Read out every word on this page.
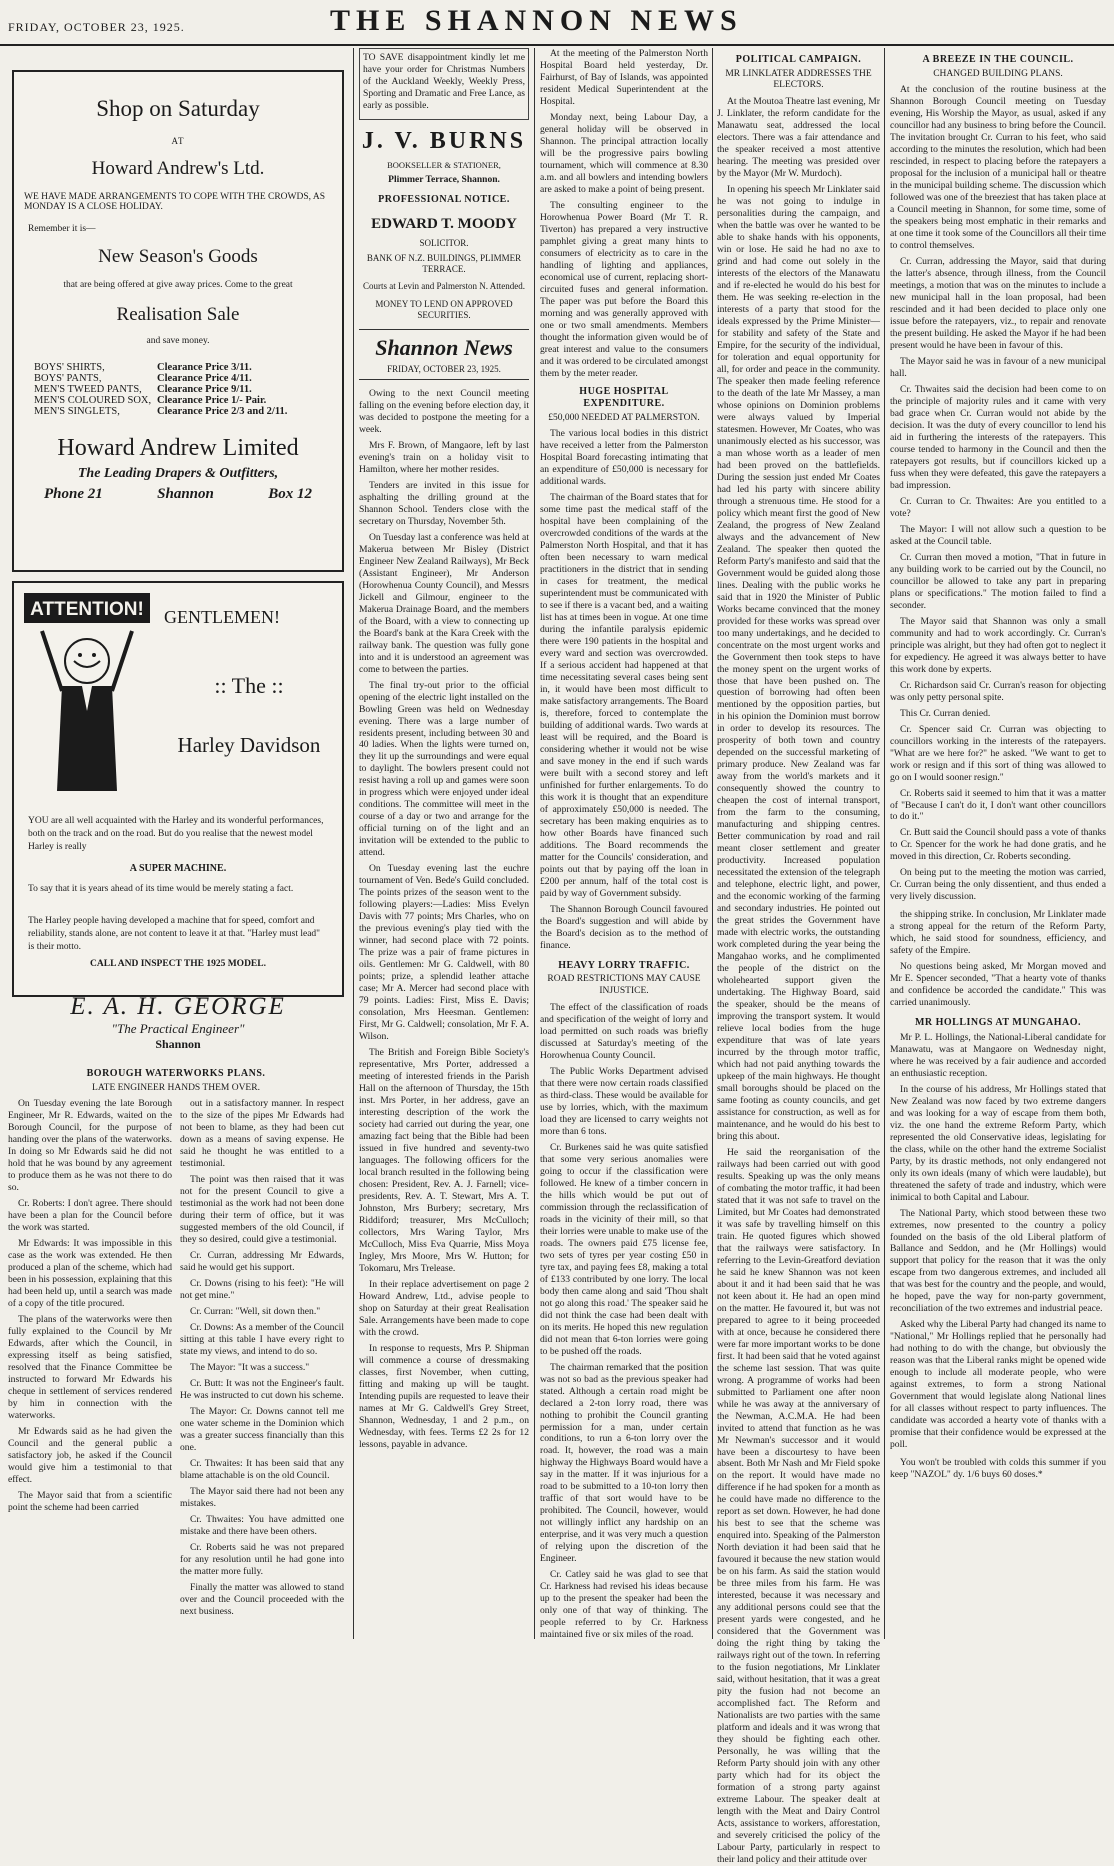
FRIDAY, OCTOBER 23, 1925.	THE SHANNON NEWS
Shop on Saturday
AT
Howard Andrew's Ltd.
WE HAVE MADE ARRANGEMENTS TO COPE WITH THE CROWDS, AS MONDAY IS A CLOSE HOLIDAY.
Remember it is—
New Season's Goods
that are being offered at give away prices. Come to the great
Realisation Sale
and save money.
BOYS' SHIRTS,	Clearance Price 3/11.
BOYS' PANTS,	Clearance Price 4/11.
MEN'S TWEED PANTS,	Clearance Price 9/11.
MEN'S COLOURED SOX,	Clearance Price 1/- Pair.
MEN'S SINGLETS,	Clearance Price 2/3 and 2/11.
Howard Andrew Limited
The Leading Drapers & Outfitters,
Phone 21	Shannon	Box 12
ATTENTION! GENTLEMEN!
:: The ::
Harley Davidson
YOU are all well acquainted with the Harley and its wonderful performances, both on the track and on the road. But do you realise that the newest model Harley is really
A SUPER MACHINE.
To say that it is years ahead of its time would be merely stating a fact.
The Harley people having developed a machine that for speed, comfort and reliability, stands alone, are not content to leave it at that. "Harley must lead" is their motto.
CALL AND INSPECT THE 1925 MODEL.
E. A. H. GEORGE
"The Practical Engineer"
Shannon
BOROUGH WATERWORKS PLANS.
LATE ENGINEER HANDS THEM OVER.

On Tuesday evening the late Borough Engineer, Mr R. Edwards, waited on the Borough Council, for the purpose of handing over the plans of the waterworks. In doing so Mr Edwards said he did not hold that he was bound by any agreement to produce them as he was not there to do so.

Cr. Roberts: I don't agree. There should have been a plan for the Council before the work was started.

Mr Edwards: It was impossible in this case as the work was extended. He then produced a plan of the scheme, which had been in his possession, explaining that this had been held up, until a search was made of a copy of the title procured.

The plans of the waterworks were then fully explained to the Council by Mr Edwards, after which the Council, in expressing itself as being satisfied, resolved that the Finance Committee be instructed to forward Mr Edwards his cheque in settlement of services rendered by him in connection with the waterworks.

Mr Edwards said as he had given the Council and the general public a satisfactory job, he asked if the Council would give him a testimonial to that effect.

The Mayor said that from a scientific point the scheme had been carried

out in a satisfactory manner. In respect to the size of the pipes Mr Edwards had not been to blame, as they had been cut down as a means of saving expense. He said he thought he was entitled to a testimonial.

The point was then raised that it was not for the present Council to give a testimonial as the work had not been done during their term of office, but it was suggested members of the old Council, if they so desired, could give a testimonial.

Cr. Curran, addressing Mr Edwards, said he would get his support.

Cr. Downs (rising to his feet): "He will not get mine."

Cr. Curran: "Well, sit down then."

Cr. Downs: As a member of the Council sitting at this table I have every right to state my views, and intend to do so.

The Mayor: "It was a success."

Cr. Butt: It was not the Engineer's fault. He was instructed to cut down his scheme.

The Mayor: Cr. Downs cannot tell me one water scheme in the Dominion which was a greater success financially than this one.

Cr. Thwaites: It has been said that any blame attachable is on the old Council.

The Mayor said there had not been any mistakes.

Cr. Thwaites: You have admitted one mistake and there have been others.

Cr. Roberts said he was not prepared for any resolution until he had gone into the matter more fully.

Finally the matter was allowed to stand over and the Council proceeded with the next business.

TO SAVE disappointment kindly let me have your order for Christmas Numbers of the Auckland Weekly, Weekly Press, Sporting and Dramatic and Free Lance, as early as possible.

J. V. BURNS
BOOKSELLER & STATIONER,
Plimmer Terrace, Shannon.
PROFESSIONAL NOTICE.
EDWARD T. MOODY
SOLICITOR.
BANK OF N.Z. BUILDINGS, PLIMMER TERRACE.
Courts at Levin and Palmerston N. Attended.
MONEY TO LEND ON APPROVED SECURITIES.
Shannon News
FRIDAY, OCTOBER 23, 1925.

Owing to the next Council meeting falling on the evening before election day, it was decided to postpone the meeting for a week.

Mrs F. Brown, of Mangaore, left by last evening's train on a holiday visit to Hamilton, where her mother resides.

Tenders are invited in this issue for asphalting the drilling ground at the Shannon School. Tenders close with the secretary on Thursday, November 5th.

On Tuesday last a conference was held at Makerua between Mr Bisley (District Engineer New Zealand Railways), Mr Beck (Assistant Engineer), Mr Anderson (Horowhenua County Council), and Messrs Jickell and Gilmour, engineer to the Makerua Drainage Board, and the members of the Board, with a view to connecting up the Board's bank at the Kara Creek with the railway bank. The question was fully gone into and it is understood an agreement was come to between the parties.

The final try-out prior to the official opening of the electric light installed on the Bowling Green was held on Wednesday evening. There was a large number of residents present, including between 30 and 40 ladies. When the lights were turned on, they lit up the surroundings and were equal to daylight. The bowlers present could not resist having a roll up and games were soon in progress which were enjoyed under ideal conditions. The committee will meet in the course of a day or two and arrange for the official turning on of the light and an invitation will be extended to the public to attend.

On Tuesday evening last the euchre tournament of Ven. Bede's Guild concluded. The points prizes of the season went to the following players:—Ladies: Miss Evelyn Davis with 77 points; Mrs Charles, who on the previous evening's play tied with the winner, had second place with 72 points. The prize was a pair of frame pictures in oils. Gentlemen: Mr G. Caldwell, with 80 points; prize, a splendid leather attache case; Mr A. Mercer had second place with 79 points. Ladies: First, Miss E. Davis; consolation, Mrs Heesman. Gentlemen: First, Mr G. Caldwell; consolation, Mr F. A. Wilson.

The British and Foreign Bible Society's representative, Mrs Porter, addressed a meeting of interested friends in the Parish Hall on the afternoon of Thursday, the 15th inst. Mrs Porter, in her address, gave an interesting description of the work the society had carried out during the year, one amazing fact being that the Bible had been issued in five hundred and seventy-two languages. The following officers for the local branch resulted in the following being chosen: President, Rev. A. J. Farnell; vice-presidents, Rev. A. T. Stewart, Mrs A. T. Johnston, Mrs Burbery; secretary, Mrs Riddiford; treasurer, Mrs McCulloch; collectors, Mrs Waring Taylor, Mrs McCulloch, Miss Eva Quarrie, Miss Moya Ingley, Mrs Moore, Mrs W. Hutton; for Tokomaru, Mrs Trelease.

In their replace advertisement on page 2 Howard Andrew, Ltd., advise people to shop on Saturday at their great Realisation Sale. Arrangements have been made to cope with the crowd.

In response to requests, Mrs P. Shipman will commence a course of dressmaking classes, first November, when cutting, fitting and making up will be taught. Intending pupils are requested to leave their names at Mr G. Caldwell's Grey Street, Shannon, Wednesday, 1 and 2 p.m., on Wednesday, with fees. Terms £2 2s for 12 lessons, payable in advance.

At the meeting of the Palmerston North Hospital Board held yesterday, Dr. Fairhurst, of Bay of Islands, was appointed resident Medical Superintendent at the Hospital.

Monday next, being Labour Day, a general holiday will be observed in Shannon. The principal attraction locally will be the progressive pairs bowling tournament, which will commence at 8.30 a.m. and all bowlers and intending bowlers are asked to make a point of being present.

The consulting engineer to the Horowhenua Power Board (Mr T. R. Tiverton) has prepared a very instructive pamphlet giving a great many hints to consumers of electricity as to care in the handling of lighting and appliances, economical use of current, replacing short-circuited fuses and general information. The paper was put before the Board this morning and was generally approved with one or two small amendments. Members thought the information given would be of great interest and value to the consumers and it was ordered to be circulated amongst them by the meter reader.

HUGE HOSPITAL EXPENDITURE.
£50,000 NEEDED AT PALMERSTON.

The various local bodies in this district have received a letter from the Palmerston Hospital Board forecasting intimating that an expenditure of £50,000 is necessary for additional wards.

The chairman of the Board states that for some time past the medical staff of the hospital have been complaining of the overcrowded conditions of the wards at the Palmerston North Hospital, and that it has often been necessary to warn medical practitioners in the district that in sending in cases for treatment, the medical superintendent must be communicated with to see if there is a vacant bed, and a waiting list has at times been in vogue. At one time during the infantile paralysis epidemic there were 190 patients in the hospital and every ward and section was overcrowded. If a serious accident had happened at that time necessitating several cases being sent in, it would have been most difficult to make satisfactory arrangements. The Board is, therefore, forced to contemplate the building of additional wards. Two wards at least will be required, and the Board is considering whether it would not be wise and save money in the end if such wards were built with a second storey and left unfinished for further enlargements. To do this work it is thought that an expenditure of approximately £50,000 is needed. The secretary has been making enquiries as to how other Boards have financed such additions. The Board recommends the matter for the Councils' consideration, and points out that by paying off the loan in £200 per annum, half of the total cost is paid by way of Government subsidy.

The Shannon Borough Council favoured the Board's suggestion and will abide by the Board's decision as to the method of finance.

HEAVY LORRY TRAFFIC.
ROAD RESTRICTIONS MAY CAUSE INJUSTICE.

The effect of the classification of roads and specification of the weight of lorry and load permitted on such roads was briefly discussed at Saturday's meeting of the Horowhenua County Council.

The Public Works Department advised that there were now certain roads classified as third-class. These would be available for use by lorries, which, with the maximum load they are licensed to carry weights not more than 6 tons.

Cr. Burkenes said he was quite satisfied that some very serious anomalies were going to occur if the classification were followed. He knew of a timber concern in the hills which would be put out of commission through the reclassification of roads in the vicinity of their mill, so that their lorries were unable to make use of the roads. The owners paid £75 license fee, two sets of tyres per year costing £50 in tyre tax, and paying fees £8, making a total of £133 contributed by one lorry. The local body then came along and said 'Thou shalt not go along this road.' The speaker said he did not think the case had been dealt with on its merits. He hoped this new regulation did not mean that 6-ton lorries were going to be pushed off the roads.

The chairman remarked that the position was not so bad as the previous speaker had stated. Although a certain road might be declared a 2-ton lorry road, there was nothing to prohibit the Council granting permission for a man, under certain conditions, to run a 6-ton lorry over the road. It, however, the road was a main highway the Highways Board would have a say in the matter. If it was injurious for a road to be submitted to a 10-ton lorry then traffic of that sort would have to be prohibited. The Council, however, would not willingly inflict any hardship on an enterprise, and it was very much a question of relying upon the discretion of the Engineer.

Cr. Catley said he was glad to see that Cr. Harkness had revised his ideas because up to the present the speaker had been the only one of that way of thinking. The people referred to by Cr. Harkness maintained five or six miles of the road.

POLITICAL CAMPAIGN.
MR LINKLATER ADDRESSES THE ELECTORS.

At the Moutoa Theatre last evening, Mr J. Linklater, the reform candidate for the Manawatu seat, addressed the local electors. There was a fair attendance and the speaker received a most attentive hearing. The meeting was presided over by the Mayor (Mr W. Murdoch).

In opening his speech Mr Linklater said he was not going to indulge in personalities during the campaign, and when the battle was over he wanted to be able to shake hands with his opponents, win or lose. He said he had no axe to grind and had come out solely in the interests of the electors of the Manawatu and if re-elected he would do his best for them. He was seeking re-election in the interests of a party that stood for the ideals expressed by the Prime Minister—for stability and safety of the State and Empire, for the security of the individual, for toleration and equal opportunity for all, for order and peace in the community. The speaker then made feeling reference to the death of the late Mr Massey, a man whose opinions on Dominion problems were always valued by Imperial statesmen. However, Mr Coates, who was unanimously elected as his successor, was a man whose worth as a leader of men had been proved on the battlefields. During the session just ended Mr Coates had led his party with sincere ability through a strenuous time. He stood for a policy which meant first the good of New Zealand, the progress of New Zealand always and the advancement of New Zealand. The speaker then quoted the Reform Party's manifesto and said that the Government would be guided along those lines. Dealing with the public works he said that in 1920 the Minister of Public Works became convinced that the money provided for these works was spread over too many undertakings, and he decided to concentrate on the most urgent works and the Government then took steps to have the money spent on the urgent works of those that have been pushed on. The question of borrowing had often been mentioned by the opposition parties, but in his opinion the Dominion must borrow in order to develop its resources. The prosperity of both town and country depended on the successful marketing of primary produce. New Zealand was far away from the world's markets and it consequently showed the country to cheapen the cost of internal transport, from the farm to the consuming, manufacturing and shipping centres. Better communication by road and rail meant closer settlement and greater productivity. Increased population necessitated the extension of the telegraph and telephone, electric light, and power, and the economic working of the farming and secondary industries. He pointed out the great strides the Government have made with electric works, the outstanding work completed during the year being the Mangahao works, and he complimented the people of the district on the wholehearted support given the undertaking. The Highway Board, said the speaker, should be the means of improving the transport system. It would relieve local bodies from the huge expenditure that was of late years incurred by the through motor traffic, which had not paid anything towards the upkeep of the main highways. He thought small boroughs should be placed on the same footing as county councils, and get assistance for construction, as well as for maintenance, and he would do his best to bring this about.

He said the reorganisation of the railways had been carried out with good results. Speaking up was the only means of combating the motor traffic, it had been stated that it was not safe to travel on the Limited, but Mr Coates had demonstrated it was safe by travelling himself on this train. He quoted figures which showed that the railways were satisfactory. In referring to the Levin-Greatford deviation he said he knew Shannon was not keen about it and it had been said that he was not keen about it. He had an open mind on the matter. He favoured it, but was not prepared to agree to it being proceeded with at once, because he considered there were far more important works to be done first. It had been said that he voted against the scheme last session. That was quite wrong. A programme of works had been submitted to Parliament one after noon while he was away at the anniversary of the Newman, A.C.M.A. He had been invited to attend that function as he was Mr Newman's successor and it would have been a discourtesy to have been absent. Both Mr Nash and Mr Field spoke on the report. It would have made no difference if he had spoken for a month as he could have made no difference to the report as set down. However, he had done his best to see that the scheme was enquired into. Speaking of the Palmerston North deviation it had been said that he favoured it because the new station would be on his farm. As said the station would be three miles from his farm. He was interested, because it was necessary and any additional persons could see that the present yards were congested, and he considered that the Government was doing the right thing by taking the railways right out of the town. In referring to the fusion negotiations, Mr Linklater said, without hesitation, that it was a great pity the fusion had not become an accomplished fact. The Reform and Nationalists are two parties with the same platform and ideals and it was wrong that they should be fighting each other. Personally, he was willing that the Reform Party should join with any other party which had for its object the formation of a strong party against extreme Labour. The speaker dealt at length with the Meat and Dairy Control Acts, assistance to workers, afforestation, and severely criticised the policy of the Labour Party, particularly in respect to their land policy and their attitude over

A BREEZE IN THE COUNCIL.
CHANGED BUILDING PLANS.

At the conclusion of the routine business at the Shannon Borough Council meeting on Tuesday evening, His Worship the Mayor, as usual, asked if any councillor had any business to bring before the Council. The invitation brought Cr. Curran to his feet, who said according to the minutes the resolution, which had been rescinded, in respect to placing before the ratepayers a proposal for the inclusion of a municipal hall or theatre in the municipal building scheme. The discussion which followed was one of the breeziest that has taken place at a Council meeting in Shannon, for some time, some of the speakers being most emphatic in their remarks and at one time it took some of the Councillors all their time to control themselves.

Cr. Curran, addressing the Mayor, said that during the latter's absence, through illness, from the Council meetings, a motion that was on the minutes to include a new municipal hall in the loan proposal, had been rescinded and it had been decided to place only one issue before the ratepayers, viz., to repair and renovate the present building. He asked the Mayor if he had been present would he have been in favour of this.

The Mayor said he was in favour of a new municipal hall.

Cr. Thwaites said the decision had been come to on the principle of majority rules and it came with very bad grace when Cr. Curran would not abide by the decision. It was the duty of every councillor to lend his aid in furthering the interests of the ratepayers. This course tended to harmony in the Council and then the ratepayers got results, but if councillors kicked up a fuss when they were defeated, this gave the ratepayers a bad impression.

Cr. Curran to Cr. Thwaites: Are you entitled to a vote?

The Mayor: I will not allow such a question to be asked at the Council table.

Cr. Curran then moved a motion, "That in future in any building work to be carried out by the Council, no councillor be allowed to take any part in preparing plans or specifications." The motion failed to find a seconder.

The Mayor said that Shannon was only a small community and had to work accordingly. Cr. Curran's principle was alright, but they had often got to neglect it for expediency. He agreed it was always better to have this work done by experts.

Cr. Richardson said Cr. Curran's reason for objecting was only petty personal spite.

This Cr. Curran denied.

Cr. Spencer said Cr. Curran was objecting to councillors working in the interests of the ratepayers. "What are we here for?" he asked. "We want to get to work or resign and if this sort of thing was allowed to go on I would sooner resign."

Cr. Roberts said it seemed to him that it was a matter of "Because I can't do it, I don't want other councillors to do it."

Cr. Butt said the Council should pass a vote of thanks to Cr. Spencer for the work he had done gratis, and he moved in this direction, Cr. Roberts seconding.

On being put to the meeting the motion was carried, Cr. Curran being the only dissentient, and thus ended a very lively discussion.

the shipping strike. In conclusion, Mr Linklater made a strong appeal for the return of the Reform Party, which, he said stood for soundness, efficiency, and safety of the Empire.

No questions being asked, Mr Morgan moved and Mr E. Spencer seconded, "That a hearty vote of thanks and confidence be accorded the candidate." This was carried unanimously.

MR HOLLINGS AT MUNGAHAO.

Mr P. L. Hollings, the National-Liberal candidate for Manawatu, was at Mangaore on Wednesday night, where he was received by a fair audience and accorded an enthusiastic reception.

In the course of his address, Mr Hollings stated that New Zealand was now faced by two extreme dangers and was looking for a way of escape from them both, viz. the one hand the extreme Reform Party, which represented the old Conservative ideas, legislating for the class, while on the other hand the extreme Socialist Party, by its drastic methods, not only endangered not only its own ideals (many of which were laudable), but threatened the safety of trade and industry, which were inimical to both Capital and Labour.

The National Party, which stood between these two extremes, now presented to the country a policy founded on the basis of the old Liberal platform of Ballance and Seddon, and he (Mr Hollings) would support that policy for the reason that it was the only escape from two dangerous extremes, and included all that was best for the country and the people, and would, he hoped, pave the way for non-party government, reconciliation of the two extremes and industrial peace.

Asked why the Liberal Party had changed its name to "National," Mr Hollings replied that he personally had had nothing to do with the change, but obviously the reason was that the Liberal ranks might be opened wide enough to include all moderate people, who were against extremes, to form a strong National Government that would legislate along National lines for all classes without respect to party influences. The candidate was accorded a hearty vote of thanks with a promise that their confidence would be expressed at the poll.

You won't be troubled with colds this summer if you keep "NAZOL" dy. 1/6 buys 60 doses.*
